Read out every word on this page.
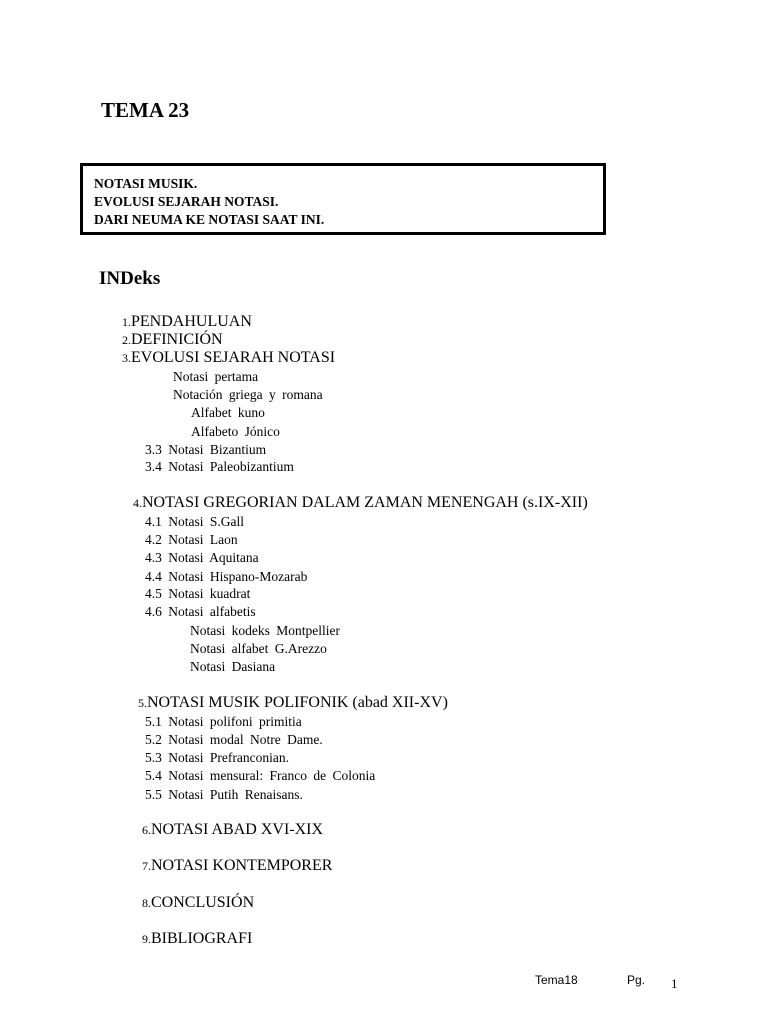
TEMA 23
NOTASI MUSIK.
EVOLUSI SEJARAH NOTASI.
DARI NEUMA KE NOTASI SAAT INI.
INDeks
1.PENDAHULUAN
2.DEFINICIÓN
3.EVOLUSI SEJARAH NOTASI
Notasi pertama
Notación griega y romana
Alfabet kuno
Alfabeto Jónico
3.3 Notasi Bizantium
3.4 Notasi Paleobizantium
4.NOTASI GREGORIAN DALAM ZAMAN MENENGAH (s.IX-XII)
4.1 Notasi S.Gall
4.2 Notasi Laon
4.3 Notasi Aquitana
4.4 Notasi Hispano-Mozarab
4.5 Notasi kuadrat
4.6 Notasi alfabetis
Notasi kodeks Montpellier
Notasi alfabet G.Arezzo
Notasi Dasiana
5.NOTASI MUSIK POLIFONIK (abad XII-XV)
5.1 Notasi polifoni primitia
5.2 Notasi modal Notre Dame.
5.3 Notasi Prefranconian.
5.4 Notasi mensural: Franco de Colonia
5.5 Notasi Putih Renaisans.
6.NOTASI ABAD XVI-XIX
7.NOTASI KONTEMPORER
8.CONCLUSIÓN
9.BIBLIOGRAFI
Tema18	Pg. 1
